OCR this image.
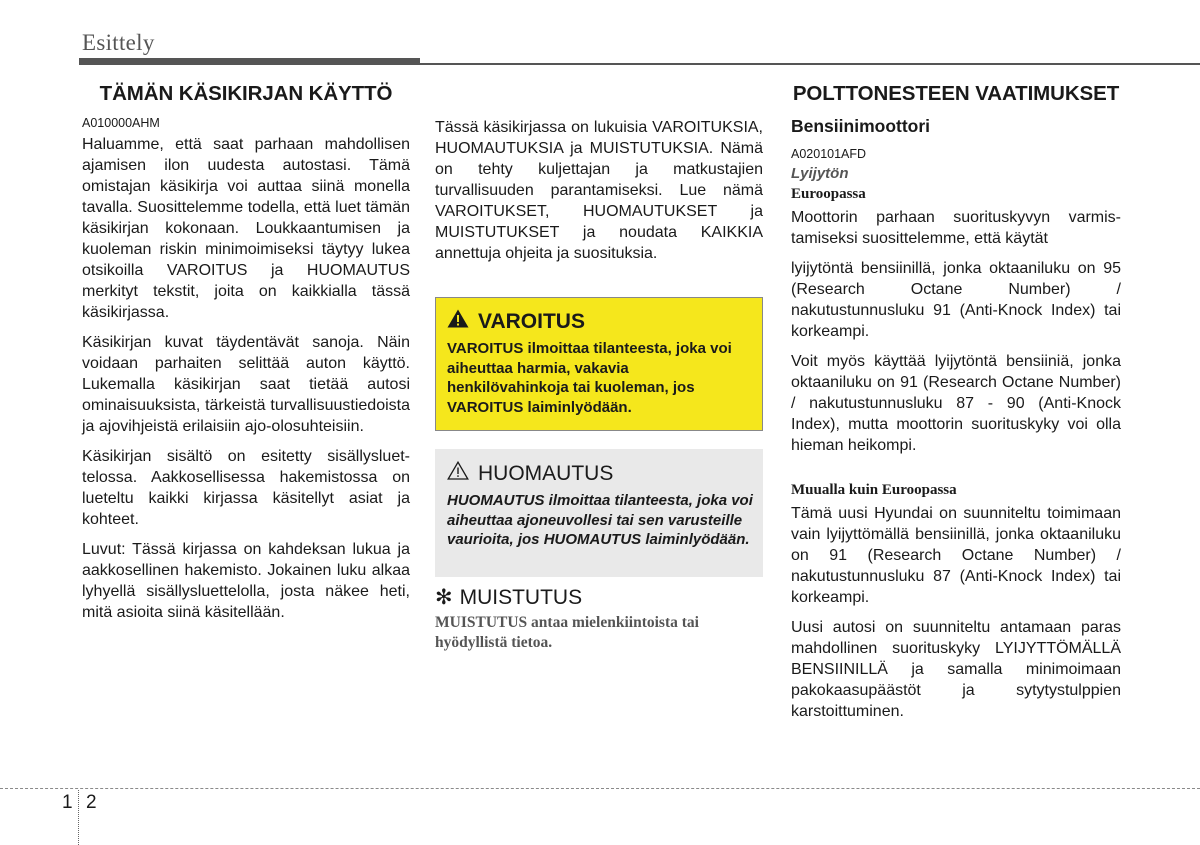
Esittely
TÄMÄN KÄSIKIRJAN KÄYTTÖ
A010000AHM

Haluamme, että saat parhaan mahdollisen ajamisen ilon uudesta autostasi. Tämä omistajan käsikirja voi auttaa siinä monella tavalla. Suosittelemme todella, että luet tämän käsikirjan kokonaan. Loukkaantumisen ja kuoleman riskin minimoimiseksi täytyy lukea otsikoilla VAROITUS ja HUOMAUTUS merkityt tekstit, joita on kaikkialla tässä käsikirjassa.

Käsikirjan kuvat täydentävät sanoja. Näin voidaan parhaiten selittää auton käyttö. Lukemalla käsikirjan saat tietää autosi ominaisuuksista, tärkeistä turvallisuustiedoista ja ajovihjeistä erilaisiin ajo-olosuhteisiin.

Käsikirjan sisältö on esitetty sisällysluettelossa. Aakkosellisessa hakemistossa on lueteltu kaikki kirjassa käsitellyt asiat ja kohteet.

Luvut: Tässä kirjassa on kahdeksan lukua ja aakkosellinen hakemisto. Jokainen luku alkaa lyhyellä sisällysluettelolla, josta näkee heti, mitä asioita siinä käsitellään.

Tässä käsikirjassa on lukuisia VAROITUKSIA, HUOMAUTUKSIA ja MUISTUTUKSIA. Nämä on tehty kuljettajan ja matkustajien turvallisuuden parantamiseksi. Lue nämä VAROITUKSET, HUOMAUTUKSET ja MUISTUTUKSET ja noudata KAIKKIA annettuja ohjeita ja suosituksia.

VAROITUS
VAROITUS ilmoittaa tilanteesta, joka voi aiheuttaa harmia, vakavia henkilövahinkoja tai kuoleman, jos VAROITUS laiminlyödään.
HUOMAUTUS
HUOMAUTUS ilmoittaa tilanteesta, joka voi aiheuttaa ajoneuvollesi tai sen varusteille vaurioita, jos HUOMAUTUS laiminlyödään.
✻ MUISTUTUS
MUISTUTUS antaa mielenkiintoista tai hyödyllistä tietoa.
POLTTONESTEEN VAATIMUKSET
Bensiinimoottori
A020101AFD
Lyijytön
Euroopassa

Moottorin parhaan suorituskyvyn varmistamiseksi suosittelemme, että käytät

lyijytöntä bensiinillä, jonka oktaaniluku on 95 (Research Octane Number) / nakutustunnusluku 91 (Anti-Knock Index) tai korkeampi.

Voit myös käyttää lyijytöntä bensiiniä, jonka oktaaniluku on 91 (Research Octane Number) / nakutustunnusluku 87 - 90 (Anti-Knock Index), mutta moottorin suorituskyky voi olla hieman heikompi.

Muualla kuin Euroopassa

Tämä uusi Hyundai on suunniteltu toimimaan vain lyijyttömällä bensiinillä, jonka oktaaniluku on 91 (Research Octane Number) / nakutustunnusluku 87 (Anti-Knock Index) tai korkeampi.

Uusi autosi on suunniteltu antamaan paras mahdollinen suorituskyky LYIJYTTÖMÄLLÄ BENSIINILLÄ ja samalla minimoimaan pakokaasupäästöt ja sytytystulppien karstoittuminen.

1 2
